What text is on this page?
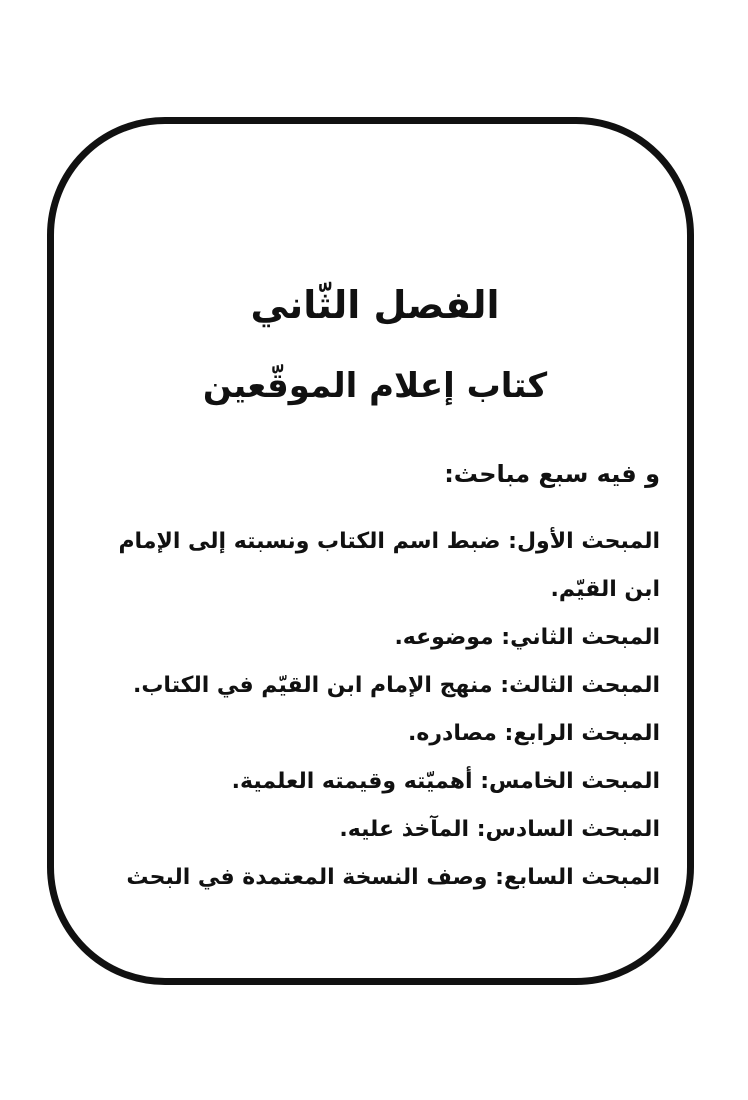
الفصل الثّاني
كتاب إعلام الموقّعين
و فيه سبع مباحث:
المبحث الأول: ضبط اسم الكتاب ونسبته إلى الإمام ابن القيّم.
المبحث الثاني: موضوعه.
المبحث الثالث: منهج الإمام ابن القيّم في الكتاب.
المبحث الرابع: مصادره.
المبحث الخامس: أهميّته وقيمته العلمية.
المبحث السادس: المآخذ عليه.
المبحث السابع: وصف النسخة المعتمدة في البحث
